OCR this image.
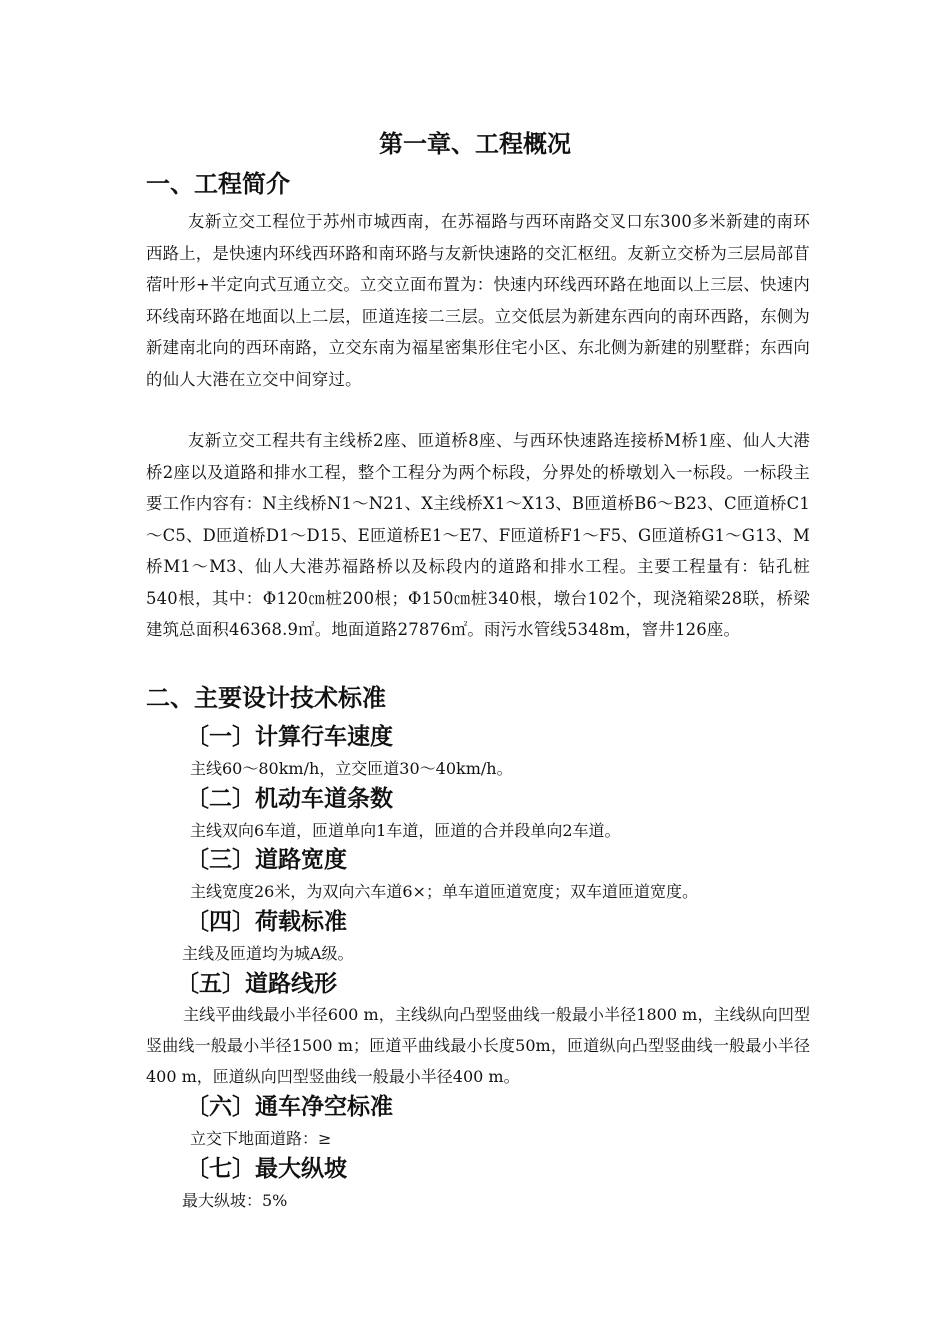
第一章、工程概况
一、工程简介

友新立交工程位于苏州市城西南，在苏福路与西环南路交叉口东300多米新建的南环西路上，是快速内环线西环路和南环路与友新快速路的交汇枢纽。友新立交桥为三层局部苜蓿叶形+半定向式互通立交。立交立面布置为：快速内环线西环路在地面以上三层、快速内环线南环路在地面以上二层，匝道连接二三层。立交低层为新建东西向的南环西路，东侧为新建南北向的西环南路，立交东南为福星密集形住宅小区、东北侧为新建的别墅群；东西向的仙人大港在立交中间穿过。

友新立交工程共有主线桥2座、匝道桥8座、与西环快速路连接桥M桥1座、仙人大港桥2座以及道路和排水工程，整个工程分为两个标段，分界处的桥墩划入一标段。一标段主要工作内容有：N主线桥N1～N21、X主线桥X1～X13、B匝道桥B6～B23、C匝道桥C1～C5、D匝道桥D1～D15、E匝道桥E1～E7、F匝道桥F1～F5、G匝道桥G1～G13、M桥M1～M3、仙人大港苏福路桥以及标段内的道路和排水工程。主要工程量有：钻孔桩540根，其中：Φ120㎝桩200根；Φ150㎝桩340根，墩台102个，现浇箱梁28联，桥梁建筑总面积46368.9㎡。地面道路27876㎡。雨污水管线5348m，窨井126座。

二、主要设计技术标准
〔一〕计算行车速度

主线60～80km/h，立交匝道30～40km/h。

〔二〕机动车道条数

主线双向6车道，匝道单向1车道，匝道的合并段单向2车道。

〔三〕道路宽度

主线宽度26米，为双向六车道6×；单车道匝道宽度；双车道匝道宽度。

〔四〕荷载标准

主线及匝道均为城A级。

〔五〕道路线形

主线平曲线最小半径600 m，主线纵向凸型竖曲线一般最小半径1800 m，主线纵向凹型竖曲线一般最小半径1500 m；匝道平曲线最小长度50m，匝道纵向凸型竖曲线一般最小半径400 m，匝道纵向凹型竖曲线一般最小半径400 m。

〔六〕通车净空标准

立交下地面道路：≥

〔七〕最大纵坡

最大纵坡：5%
